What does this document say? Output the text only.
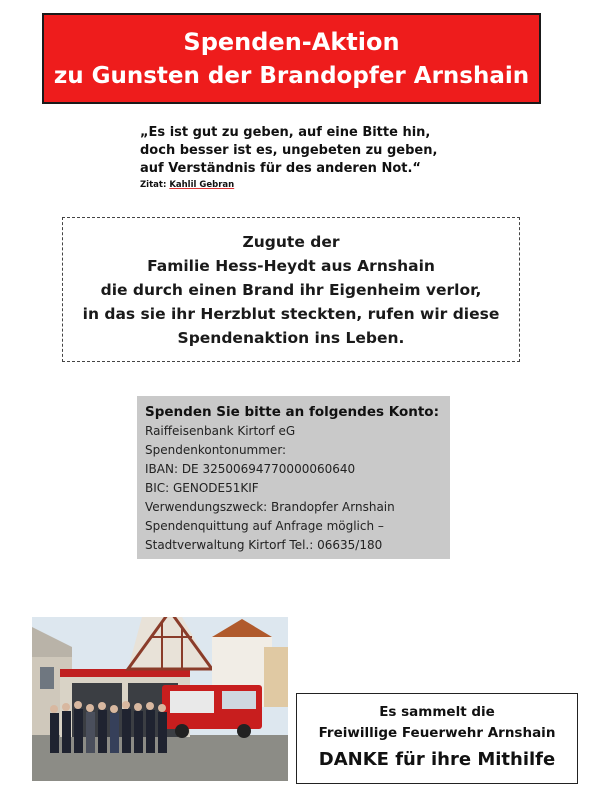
Spenden-Aktion
zu Gunsten der Brandopfer Arnshain
„Es ist gut zu geben, auf eine Bitte hin,
doch besser ist es, ungebeten zu geben,
auf Verständnis für des anderen Not.“
Zitat: Kahlil Gebran
Zugute der
Familie Hess-Heydt aus Arnshain
die durch einen Brand ihr Eigenheim verlor,
in das sie ihr Herzblut steckten, rufen wir diese
Spendenaktion ins Leben.
Spenden Sie bitte an folgendes Konto:
Raiffeisenbank Kirtorf eG
Spendenkontonummer:
IBAN: DE 32500694770000060640
BIC: GENODE51KIF
Verwendungszweck: Brandopfer Arnshain
Spendenquittung auf Anfrage möglich –
Stadtverwaltung Kirtorf Tel.: 06635/180
Es sammelt die
Freiwillige Feuerwehr Arnshain
DANKE für ihre Mithilfe
